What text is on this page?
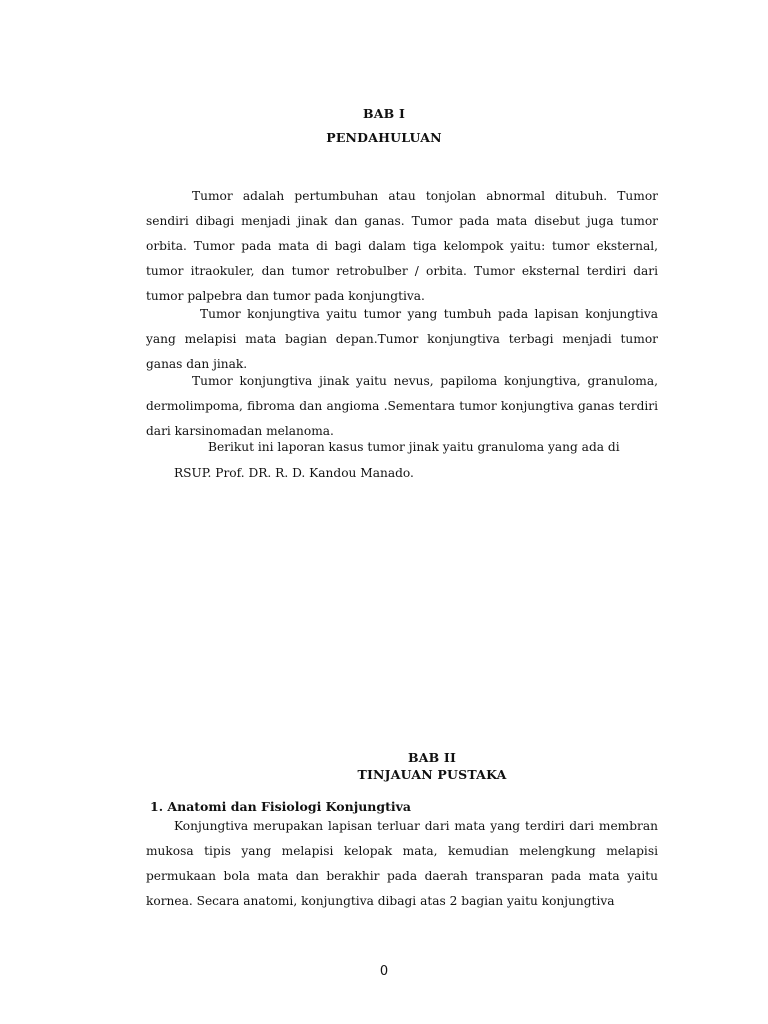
BAB I
PENDAHULUAN
Tumor adalah pertumbuhan atau tonjolan abnormal ditubuh. Tumor sendiri dibagi menjadi jinak dan ganas. Tumor pada mata disebut juga tumor orbita. Tumor pada mata di bagi dalam tiga kelompok yaitu: tumor eksternal, tumor itraokuler, dan tumor retrobulber / orbita. Tumor eksternal terdiri dari tumor palpebra dan tumor pada konjungtiva.
Tumor konjungtiva yaitu tumor yang tumbuh pada lapisan konjungtiva yang melapisi mata bagian depan.Tumor konjungtiva terbagi menjadi tumor ganas dan jinak.
Tumor konjungtiva jinak yaitu nevus, papiloma konjungtiva, granuloma, dermolimpoma, fibroma dan angioma .Sementara tumor konjungtiva ganas terdiri dari karsinomadan melanoma.
Berikut ini laporan kasus tumor jinak yaitu granuloma yang ada di
RSUP. Prof. DR. R. D. Kandou Manado.
BAB II
TINJAUAN PUSTAKA
1. Anatomi dan Fisiologi Konjungtiva
Konjungtiva merupakan lapisan terluar dari mata yang terdiri dari membran mukosa tipis yang melapisi kelopak mata, kemudian melengkung melapisi permukaan bola mata dan berakhir pada daerah transparan pada mata yaitu kornea. Secara anatomi, konjungtiva dibagi atas 2 bagian yaitu konjungtiva
0
